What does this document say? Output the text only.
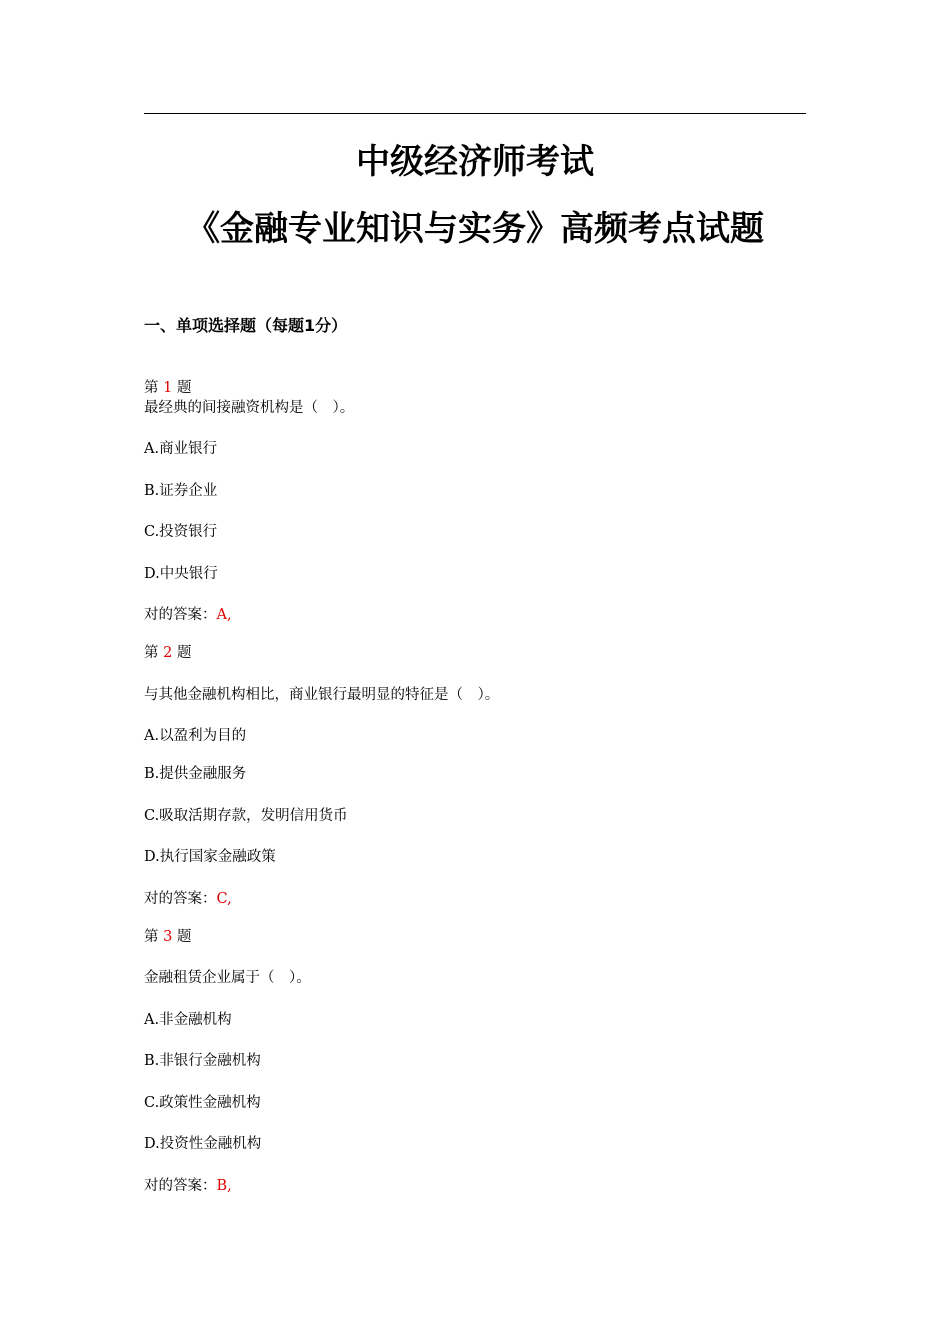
中级经济师考试
《金融专业知识与实务》高频考点试题
一、单项选择题（每题1分）
第 1 题
最经典的间接融资机构是（　）。
A.商业银行
B.证券企业
C.投资银行
D.中央银行
对的答案：A,
第 2 题
与其他金融机构相比，商业银行最明显的特征是（　）。
A.以盈利为目的
B.提供金融服务
C.吸取活期存款，发明信用货币
D.执行国家金融政策
对的答案：C,
第 3 题
金融租赁企业属于（　）。
A.非金融机构
B.非银行金融机构
C.政策性金融机构
D.投资性金融机构
对的答案：B,
